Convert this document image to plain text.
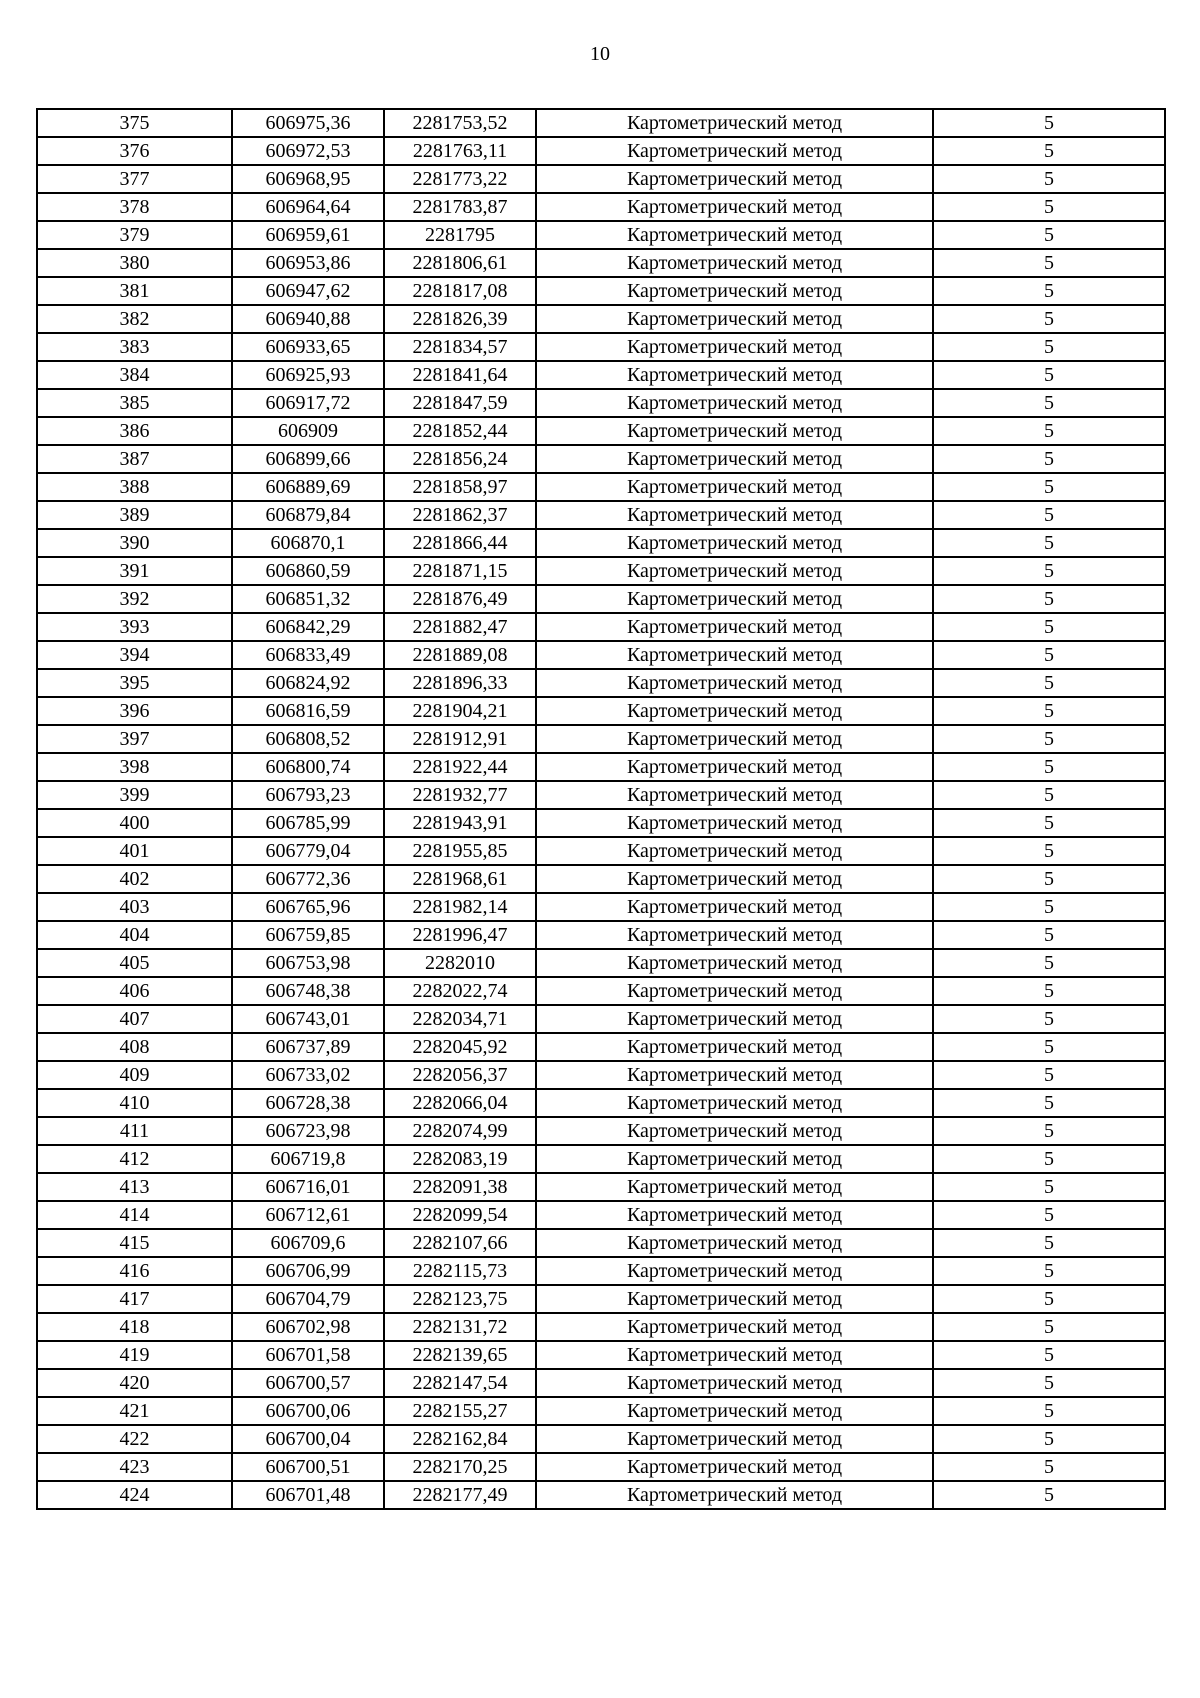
10
375	606975,36	2281753,52	Картометрический метод	5
376	606972,53	2281763,11	Картометрический метод	5
377	606968,95	2281773,22	Картометрический метод	5
378	606964,64	2281783,87	Картометрический метод	5
379	606959,61	2281795	Картометрический метод	5
380	606953,86	2281806,61	Картометрический метод	5
381	606947,62	2281817,08	Картометрический метод	5
382	606940,88	2281826,39	Картометрический метод	5
383	606933,65	2281834,57	Картометрический метод	5
384	606925,93	2281841,64	Картометрический метод	5
385	606917,72	2281847,59	Картометрический метод	5
386	606909	2281852,44	Картометрический метод	5
387	606899,66	2281856,24	Картометрический метод	5
388	606889,69	2281858,97	Картометрический метод	5
389	606879,84	2281862,37	Картометрический метод	5
390	606870,1	2281866,44	Картометрический метод	5
391	606860,59	2281871,15	Картометрический метод	5
392	606851,32	2281876,49	Картометрический метод	5
393	606842,29	2281882,47	Картометрический метод	5
394	606833,49	2281889,08	Картометрический метод	5
395	606824,92	2281896,33	Картометрический метод	5
396	606816,59	2281904,21	Картометрический метод	5
397	606808,52	2281912,91	Картометрический метод	5
398	606800,74	2281922,44	Картометрический метод	5
399	606793,23	2281932,77	Картометрический метод	5
400	606785,99	2281943,91	Картометрический метод	5
401	606779,04	2281955,85	Картометрический метод	5
402	606772,36	2281968,61	Картометрический метод	5
403	606765,96	2281982,14	Картометрический метод	5
404	606759,85	2281996,47	Картометрический метод	5
405	606753,98	2282010	Картометрический метод	5
406	606748,38	2282022,74	Картометрический метод	5
407	606743,01	2282034,71	Картометрический метод	5
408	606737,89	2282045,92	Картометрический метод	5
409	606733,02	2282056,37	Картометрический метод	5
410	606728,38	2282066,04	Картометрический метод	5
411	606723,98	2282074,99	Картометрический метод	5
412	606719,8	2282083,19	Картометрический метод	5
413	606716,01	2282091,38	Картометрический метод	5
414	606712,61	2282099,54	Картометрический метод	5
415	606709,6	2282107,66	Картометрический метод	5
416	606706,99	2282115,73	Картометрический метод	5
417	606704,79	2282123,75	Картометрический метод	5
418	606702,98	2282131,72	Картометрический метод	5
419	606701,58	2282139,65	Картометрический метод	5
420	606700,57	2282147,54	Картометрический метод	5
421	606700,06	2282155,27	Картометрический метод	5
422	606700,04	2282162,84	Картометрический метод	5
423	606700,51	2282170,25	Картометрический метод	5
424	606701,48	2282177,49	Картометрический метод	5
